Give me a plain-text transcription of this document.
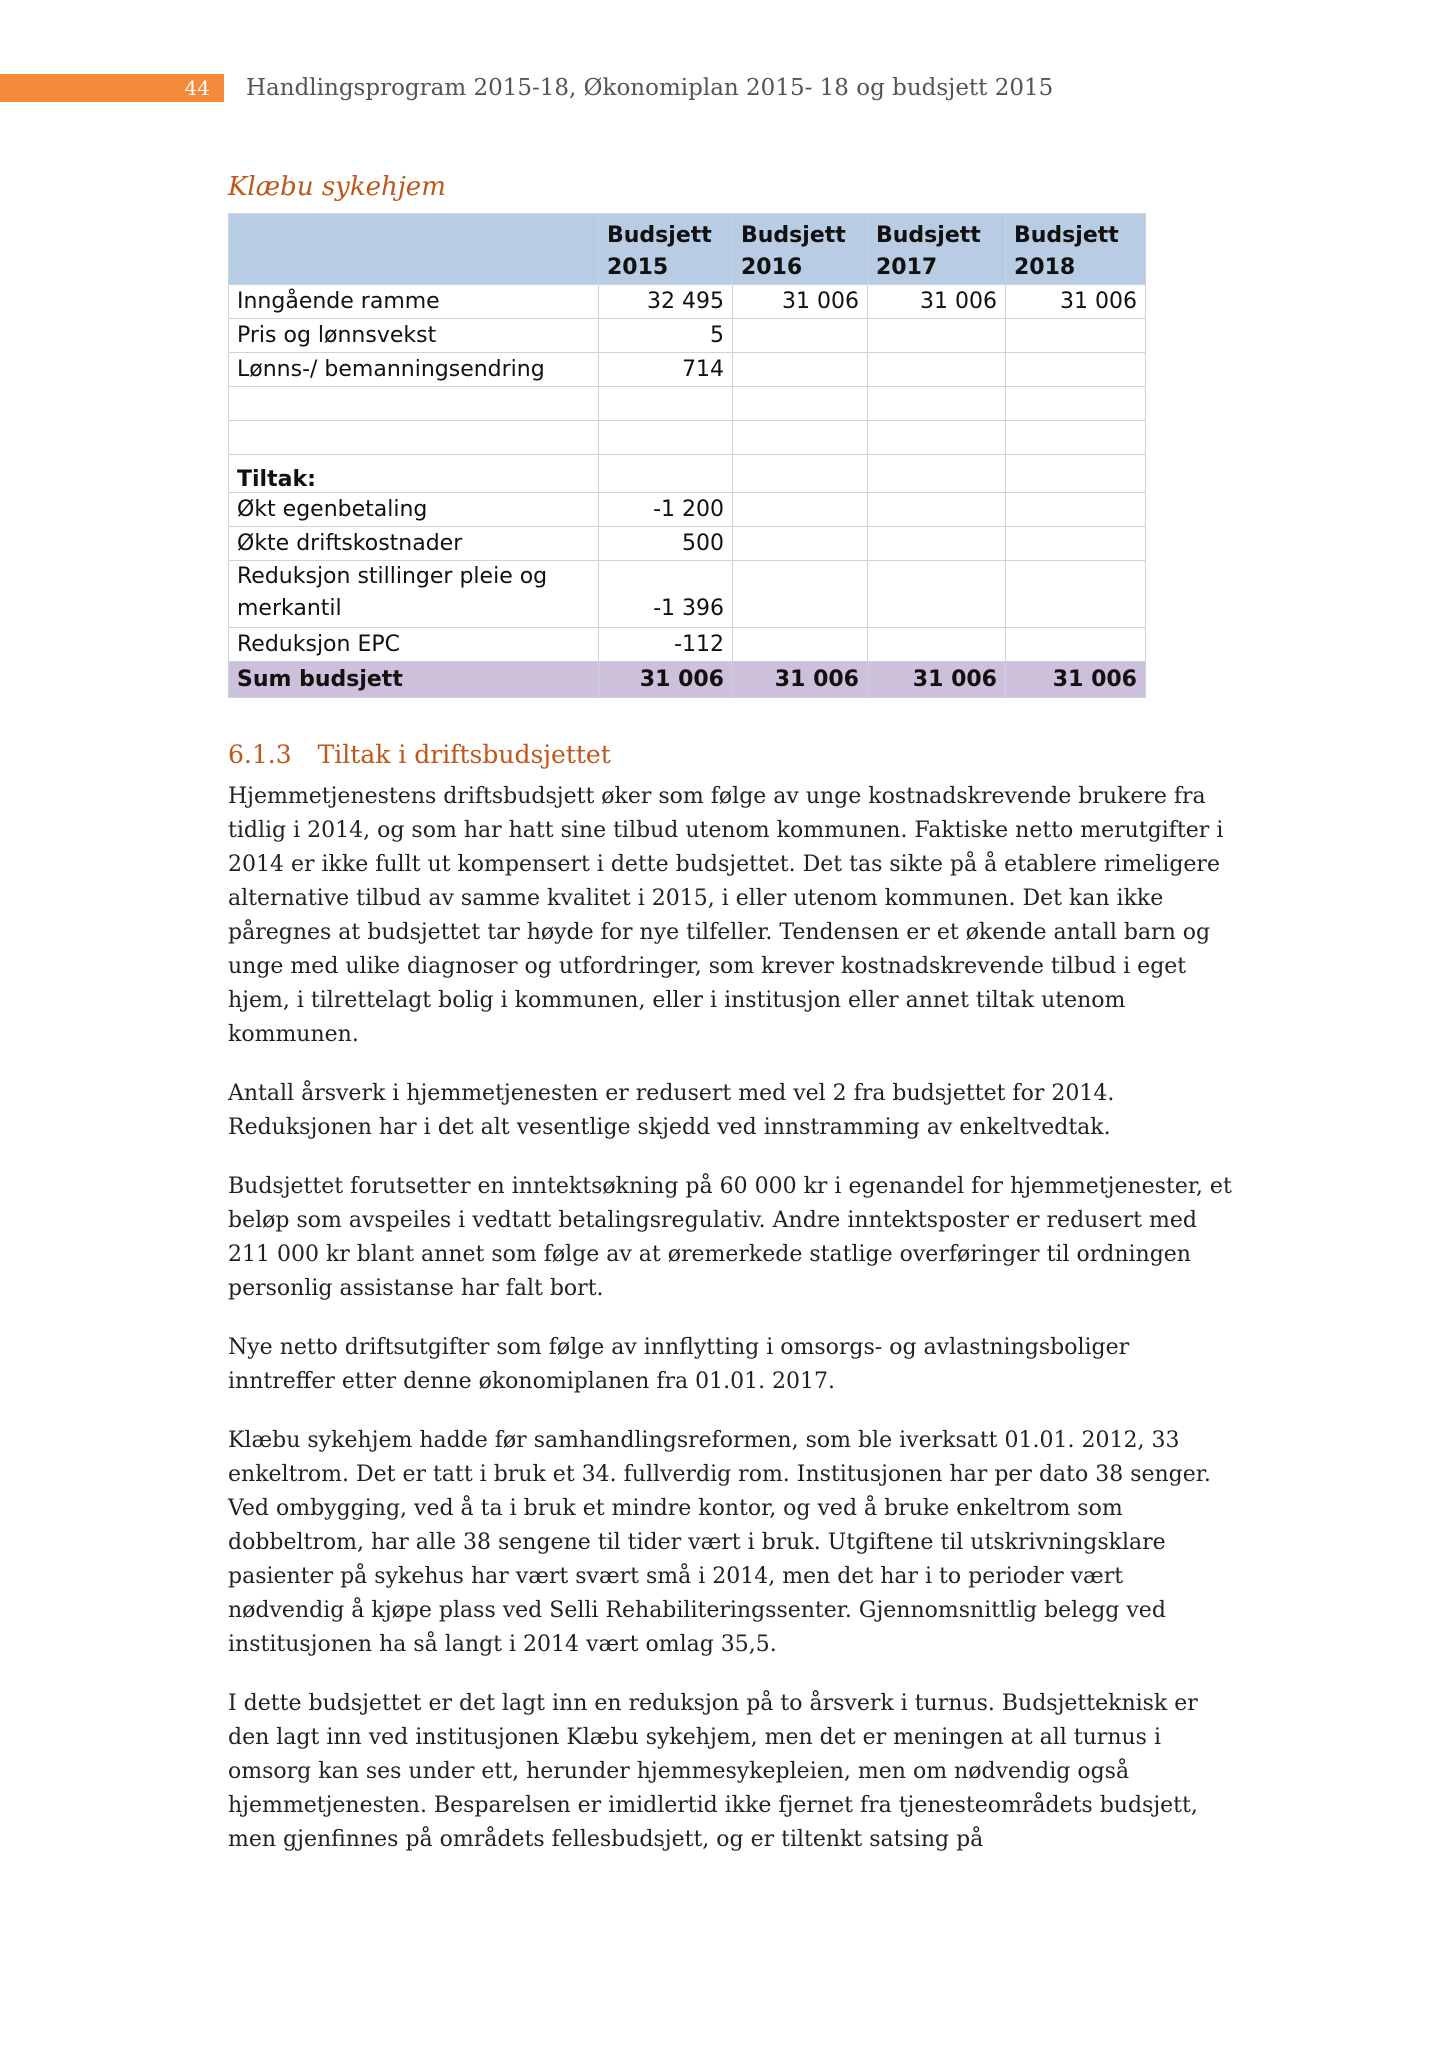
44	Handlingsprogram 2015-18, Økonomiplan 2015- 18 og budsjett 2015
Klæbu sykehjem
	Budsjett 2015	Budsjett 2016	Budsjett 2017	Budsjett 2018
Inngående ramme	32 495	31 006	31 006	31 006
Pris og lønnsvekst	5			
Lønns-/ bemanningsendring	714			

Tiltak:				
Økt egenbetaling	-1 200			
Økte driftskostnader	500			
Reduksjon stillinger pleie og merkantil	-1 396			
Reduksjon EPC	-112			
Sum budsjett	31 006	31 006	31 006	31 006
6.1.3 Tiltak i driftsbudsjettet

Hjemmetjenestens driftsbudsjett øker som følge av unge kostnadskrevende brukere fra tidlig i 2014, og som har hatt sine tilbud utenom kommunen. Faktiske netto merutgifter i 2014 er ikke fullt ut kompensert i dette budsjettet. Det tas sikte på å etablere rimeligere alternative tilbud av samme kvalitet i 2015, i eller utenom kommunen. Det kan ikke påregnes at budsjettet tar høyde for nye tilfeller. Tendensen er et økende antall barn og unge med ulike diagnoser og utfordringer, som krever kostnadskrevende tilbud i eget hjem, i tilrettelagt bolig i kommunen, eller i institusjon eller annet tiltak utenom kommunen.

Antall årsverk i hjemmetjenesten er redusert med vel 2 fra budsjettet for 2014. Reduksjonen har i det alt vesentlige skjedd ved innstramming av enkeltvedtak.

Budsjettet forutsetter en inntektsøkning på 60 000 kr i egenandel for hjemmetjenester, et beløp som avspeiles i vedtatt betalingsregulativ. Andre inntektsposter er redusert med 211 000 kr blant annet som følge av at øremerkede statlige overføringer til ordningen personlig assistanse har falt bort.

Nye netto driftsutgifter som følge av innflytting i omsorgs- og avlastningsboliger inntreffer etter denne økonomiplanen fra 01.01. 2017.

Klæbu sykehjem hadde før samhandlingsreformen, som ble iverksatt 01.01. 2012, 33 enkeltrom. Det er tatt i bruk et 34. fullverdig rom. Institusjonen har per dato 38 senger. Ved ombygging, ved å ta i bruk et mindre kontor, og ved å bruke enkeltrom som dobbeltrom, har alle 38 sengene til tider vært i bruk. Utgiftene til utskrivningsklare pasienter på sykehus har vært svært små i 2014, men det har i to perioder vært nødvendig å kjøpe plass ved Selli Rehabiliteringssenter. Gjennomsnittlig belegg ved institusjonen ha så langt i 2014 vært omlag 35,5.

I dette budsjettet er det lagt inn en reduksjon på to årsverk i turnus. Budsjetteknisk er den lagt inn ved institusjonen Klæbu sykehjem, men det er meningen at all turnus i omsorg kan ses under ett, herunder hjemmesykepleien, men om nødvendig også hjemmetjenesten. Besparelsen er imidlertid ikke fjernet fra tjenesteområdets budsjett, men gjenfinnes på områdets fellesbudsjett, og er tiltenkt satsing på
